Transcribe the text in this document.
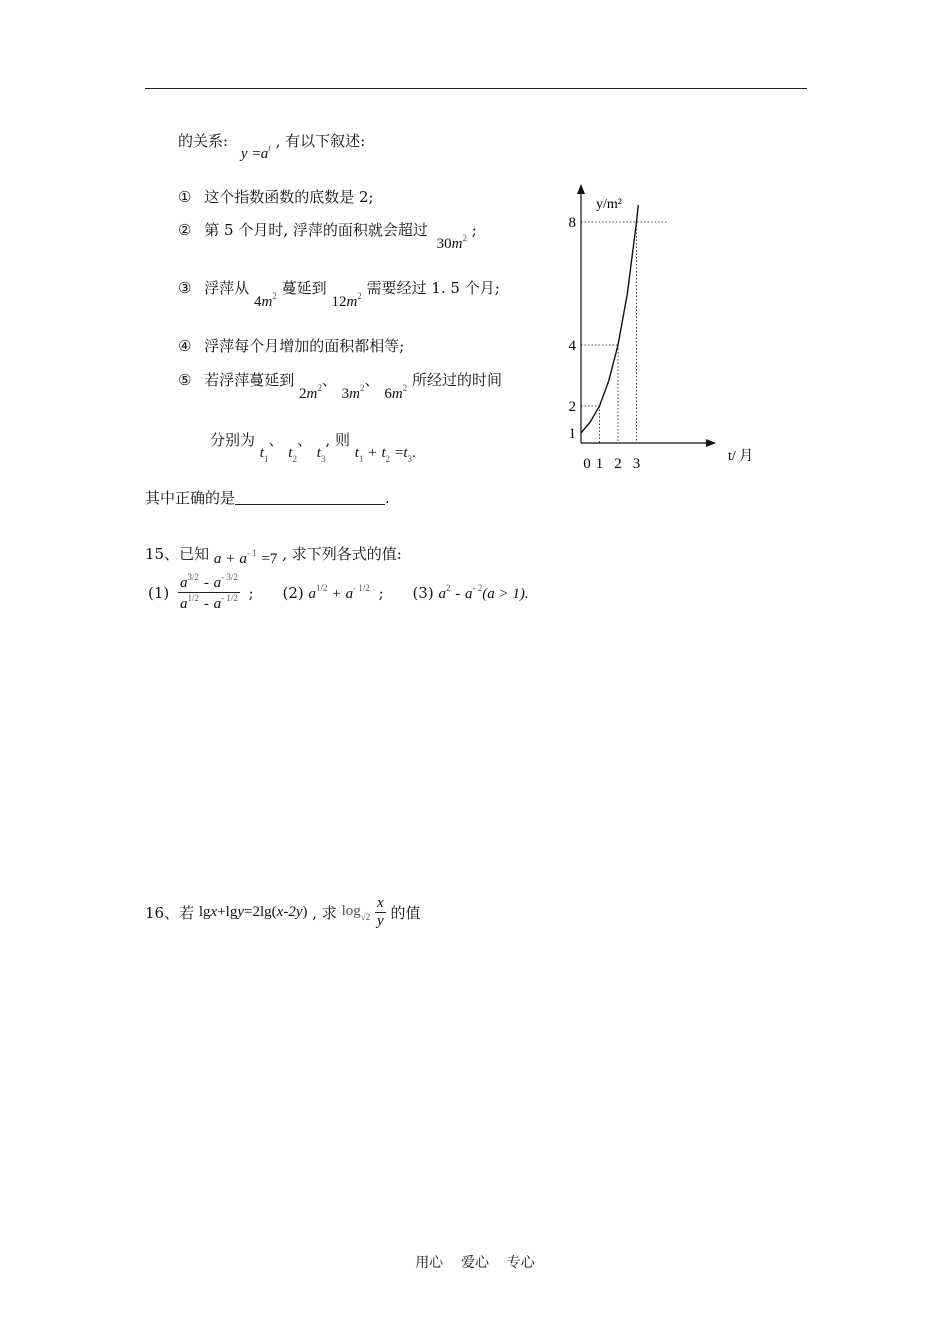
的关系: $y =a^t$ , 有以下叙述:
① 这个指数函数的底数是 2;
② 第 5 个月时, 浮萍的面积就会超过 $30m^2$ ;
③ 浮萍从 $4m^2$ 蔓延到 $12m^2$ 需要经过 1. 5 个月;
④ 浮萍每个月增加的面积都相等;
⑤ 若浮萍蔓延到 $2m^2$、 $3m^2$、 $6m^2$ 所经过的时间
分别为 $t_1$、 $t_2$、 $t_3$, 则 $t_1 + t_2 =t_3$.
其中正确的是	.
15、已知 $a + a^{- 1} =7$ , 求下列各式的值:
$(1) \frac{a^{3/2} - a^{- 3/2}}{a^{1/2} - a^{- 1/2}}$ ; (2) $a^{1/2} + a^{- 1/2}$ ; (3) $a^2 - a^{- 2}(a > 1)$.
16、若 lgx+lgy=2lg(x-2y) , 求 $\log_{√2} \frac{x}{y}$ 的值
用心    爱心    专心
y/m²
t/ 月
0 1 2 3
1
2
4
8
